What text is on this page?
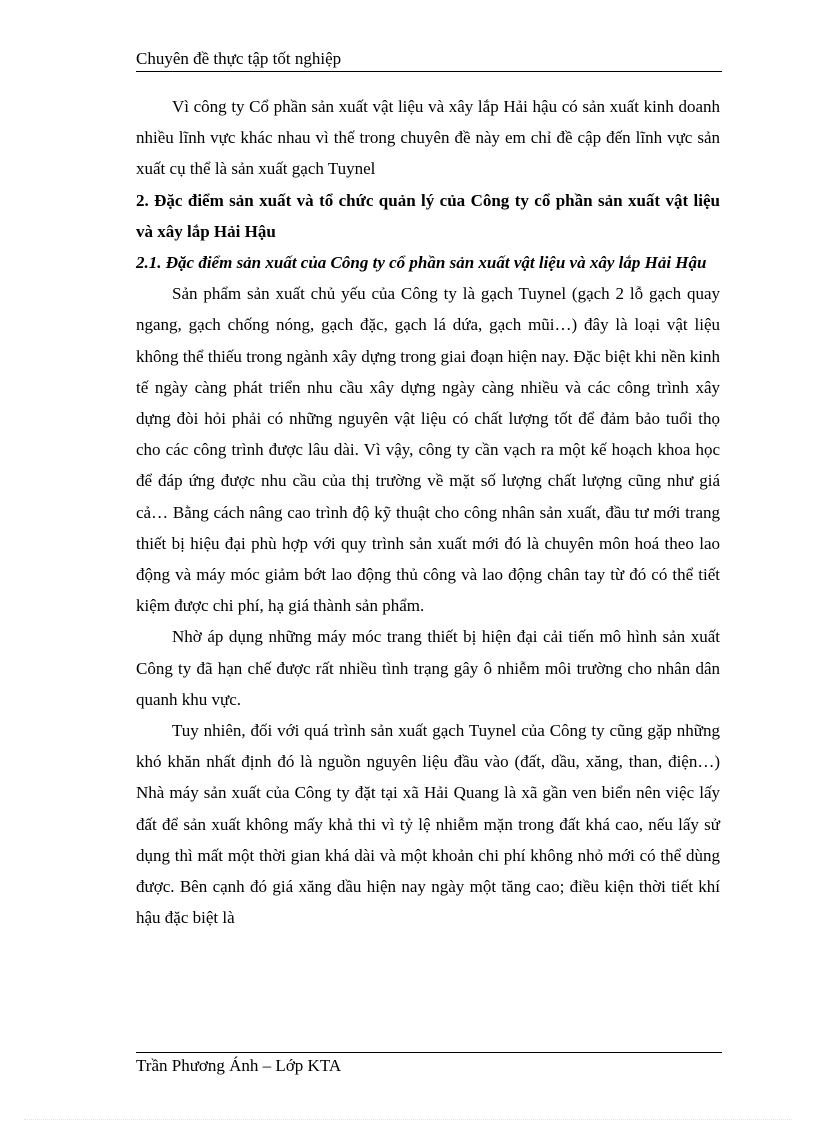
Chuyên đề thực tập tốt nghiệp

Vì công ty Cổ phần sản xuất vật liệu và xây lắp Hải hậu có sản xuất kinh doanh nhiều lĩnh vực khác nhau vì thế trong chuyên đề này em chỉ đề cập đến lĩnh vực sản xuất cụ thể là sản xuất gạch Tuynel

2. Đặc điểm sản xuất và tổ chức quản lý của Công ty cổ phần sản xuất vật liệu và xây lắp Hải Hậu

2.1. Đặc điểm sản xuất của Công ty cổ phần sản xuất vật liệu và xây lắp Hải Hậu

Sản phẩm sản xuất chủ yếu của Công ty là gạch Tuynel (gạch 2 lỗ gạch quay ngang, gạch chống nóng, gạch đặc, gạch lá dứa, gạch mũi…) đây là loại vật liệu không thể thiếu trong ngành xây dựng trong giai đoạn hiện nay. Đặc biệt khi nền kinh tế ngày càng phát triển nhu cầu xây dựng ngày càng nhiều và các công trình xây dựng đòi hỏi phải có những nguyên vật liệu có chất lượng tốt để đảm bảo tuổi thọ cho các công trình được lâu dài. Vì vậy, công ty cần vạch ra một kế hoạch khoa học để đáp ứng được nhu cầu của thị trường về mặt số lượng chất lượng cũng như giá cả… Bằng cách nâng cao trình độ kỹ thuật cho công nhân sản xuất, đầu tư mới trang thiết bị hiệu đại phù hợp với quy trình sản xuất mới đó là chuyên môn hoá theo lao động và máy móc giảm bớt lao động thủ công và lao động chân tay từ đó có thể tiết kiệm được chi phí, hạ giá thành sản phẩm.

Nhờ áp dụng những máy móc trang thiết bị hiện đại cải tiến mô hình sản xuất Công ty đã hạn chế được rất nhiều tình trạng gây ô nhiễm môi trường cho nhân dân quanh khu vực.

Tuy nhiên, đối với quá trình sản xuất gạch Tuynel của Công ty cũng gặp những khó khăn nhất định đó là nguồn nguyên liệu đầu vào (đất, dầu, xăng, than, điện…) Nhà máy sản xuất của Công ty đặt tại xã Hải Quang là xã gần ven biển nên việc lấy đất để sản xuất không mấy khả thi vì tỷ lệ nhiễm mặn trong đất khá cao, nếu lấy sử dụng thì mất một thời gian khá dài và một khoản chi phí không nhỏ mới có thể dùng được. Bên cạnh đó giá xăng dầu hiện nay ngày một tăng cao; điều kiện thời tiết khí hậu đặc biệt là

Trần Phương Ánh – Lớp KTA
